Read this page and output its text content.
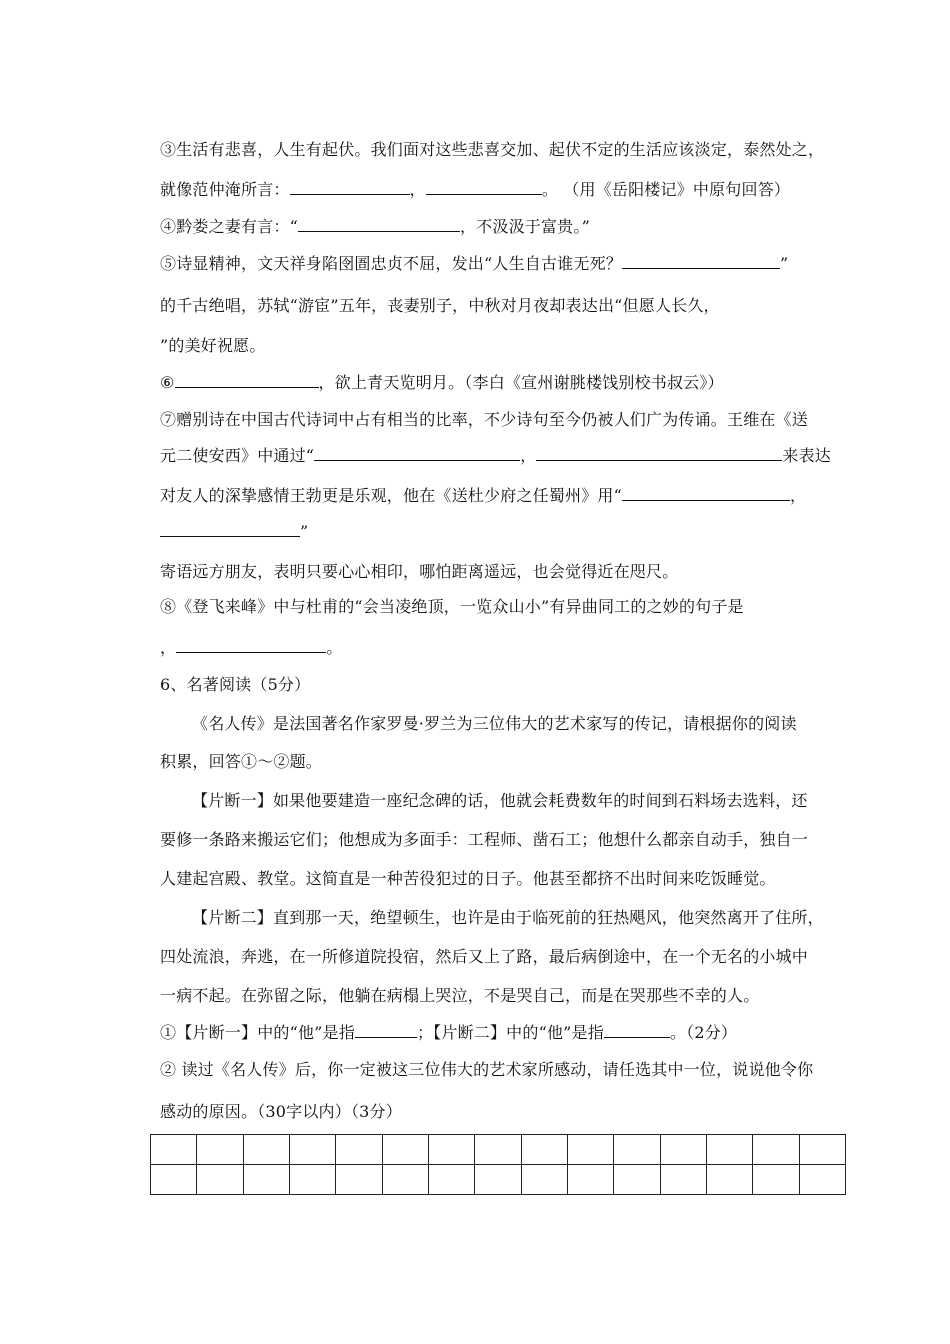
③生活有悲喜，人生有起伏。我们面对这些悲喜交加、起伏不定的生活应该淡定，泰然处之，
就像范仲淹所言：	，	。 （用《岳阳楼记》中原句回答）
④黔娄之妻有言：“	，不汲汲于富贵。”
⑤诗显精神，文天祥身陷囹圄忠贞不屈，发出“人生自古谁无死？	”
的千古绝唱，苏轼“游宦”五年，丧妻别子，中秋对月夜却表达出“但愿人长久，
”的美好祝愿。
⑥	，欲上青天览明月。（李白《宣州谢朓楼饯别校书叔云》）
⑦赠别诗在中国古代诗词中占有相当的比率，不少诗句至今仍被人们广为传诵。王维在《送
元二使安西》中通过“	，	来表达
对友人的深挚感情王勃更是乐观，他在《送杜少府之任蜀州》用“	，
”
寄语远方朋友，表明只要心心相印，哪怕距离遥远，也会觉得近在咫尺。
⑧《登飞来峰》中与杜甫的“会当凌绝顶，一览众山小”有异曲同工的之妙的句子是
，	。
6、名著阅读（5分）
《名人传》是法国著名作家罗曼·罗兰为三位伟大的艺术家写的传记，请根据你的阅读
积累，回答①～②题。
【片断一】如果他要建造一座纪念碑的话，他就会耗费数年的时间到石料场去选料，还
要修一条路来搬运它们；他想成为多面手：工程师、凿石工；他想什么都亲自动手，独自一
人建起宫殿、教堂。这简直是一种苦役犯过的日子。他甚至都挤不出时间来吃饭睡觉。
【片断二】直到那一天，绝望顿生，也许是由于临死前的狂热飓风，他突然离开了住所，
四处流浪，奔逃，在一所修道院投宿，然后又上了路，最后病倒途中，在一个无名的小城中
一病不起。在弥留之际，他躺在病榻上哭泣，不是哭自己，而是在哭那些不幸的人。
①【片断一】中的“他”是指	；【片断二】中的“他”是指	。（2分）
② 读过《名人传》后，你一定被这三位伟大的艺术家所感动，请任选其中一位，说说他令你
感动的原因。（30字以内）（3分）
